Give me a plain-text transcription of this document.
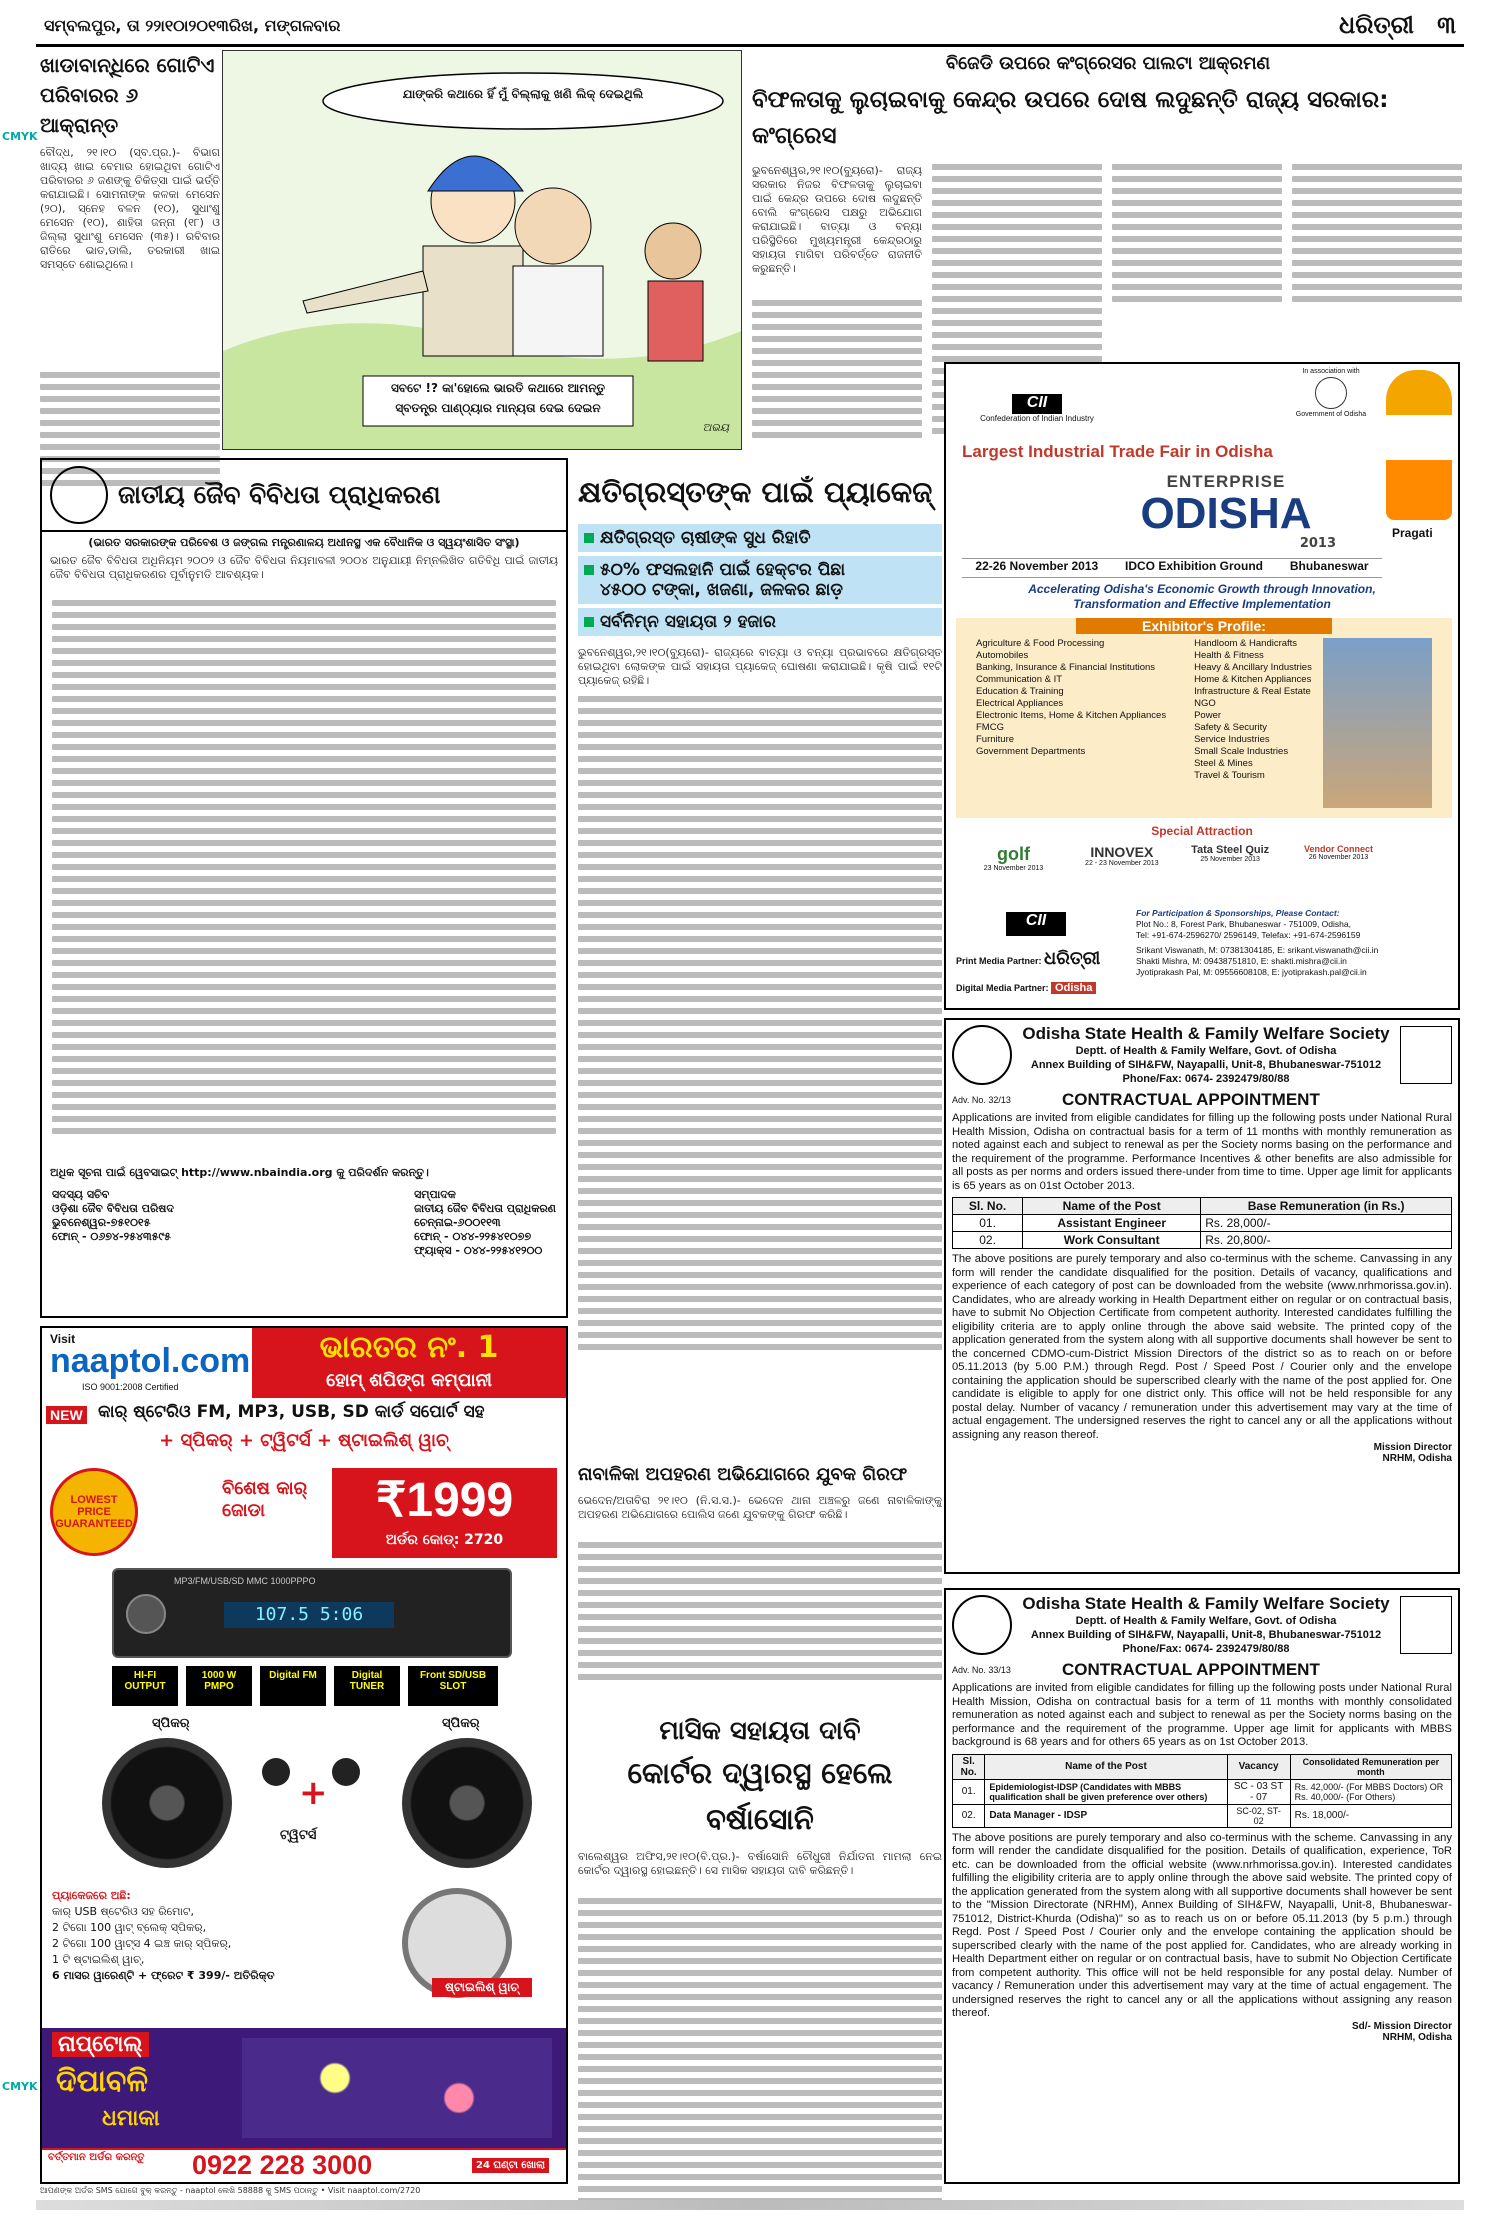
ସମ୍ବଲପୁର, ତା ୨୨ା୧୦ା୨୦୧୩ରିଖ, ମଙ୍ଗଳବାର	ଧରିତ୍ରୀ ୩
CMYK
CMYK
ଖାଡାବାନ୍ଧିରେ ଗୋଟିଏ
ପରିବାରର ୬ ଆକ୍ରାନ୍ତ
ବୌଦ୍ଧ, ୨୧।୧୦ (ସ୍ବ.ପ୍ର.)- ବିଭାଗ ଖାଦ୍ୟ ଖାଇ ବେମାର ହୋଇଥିବା ଗୋଟିଏ ପରିବାରର ୬ ଜଣଙ୍କୁ ଚିକିତ୍ସା ପାଇଁ ଭର୍ତ୍ତି କରାଯାଇଛି। ସୋମନାଙ୍କ କଳକା ମେସେନ (୨୦), ସ୍ନେହ ବଳନ (୧୦), ସୁଧାଂଶୁ ମେସେନ (୧୦), ଶାହିତା ଜନ୍ନା (୧୮) ଓ ଜିଲ୍ଲା ସୁଧାଂଶୁ ମେସେନ (୩୫)। ରବିବାର ରାତିରେ ଭାତ,ଡାଲି, ତରକାରୀ ଖାଇ ସମସ୍ତେ ଶୋଇଥିଲେ।
ଯାଙ୍କରି କଥାରେ ହିଁ ମୁଁ ବିଲ୍ଲାକୁ ଖଣି ଲିକ୍ ଦେଇଥିଲି
ସବଟେ !? କା'ହୋଲେ ଭାରତି କଥାରେ ଆମନ୍ତୁ
ସ୍ବତନ୍ତ୍ର ପାଣ୍ଠ୍ୟାର ମାନ୍ୟତା ଦେଇ ଦେଇନ
ଅଭୟ
ବିଜେଡି ଉପରେ କଂଗ୍ରେସର ପାଲଟା ଆକ୍ରମଣ
ବିଫଳତାକୁ ଲୁଚାଇବାକୁ କେନ୍ଦ୍ର ଉପରେ ଦୋଷ ଲଦୁଛନ୍ତି ରାଜ୍ୟ ସରକାର: କଂଗ୍ରେସ
ଭୁବନେଶ୍ୱର,୨୧।୧୦(ବ୍ୟୁରୋ)- ରାଜ୍ୟ ସରକାର ନିଜର ବିଫଳତାକୁ ଲୁଚାଇବା ପାଇଁ କେନ୍ଦ୍ର ଉପରେ ଦୋଷ ଲଦୁଛନ୍ତି ବୋଲି କଂଗ୍ରେସ ପକ୍ଷରୁ ଅଭିଯୋଗ କରାଯାଇଛି। ବାତ୍ୟା ଓ ବନ୍ୟା ପରିସ୍ଥିତିରେ ମୁଖ୍ୟମନ୍ତ୍ରୀ କେନ୍ଦ୍ରଠାରୁ ସହାୟତା ମାଗିବା ପରିବର୍ତ୍ତେ ରାଜନୀତି କରୁଛନ୍ତି।
ଜାତୀୟ ଜୈବ ବିବିଧତା ପ୍ରାଧିକରଣ
(ଭାରତ ସରକାରଙ୍କ ପରିବେଶ ଓ ଜଙ୍ଗଲ ମନ୍ତ୍ରଣାଳୟ ଅଧୀନସ୍ଥ ଏକ ବୈଧାନିକ ଓ ସ୍ୱୟଂଶାସିତ ସଂସ୍ଥା)
ଭାରତ ଜୈବ ବିବିଧତା ଅଧିନିୟମ ୨୦୦୨ ଓ ଜୈବ ବିବିଧତା ନିୟମାବଳୀ ୨୦୦୪ ଅନୁଯାୟୀ ନିମ୍ନଲିଖିତ ଗତିବିଧି ପାଇଁ ଜାତୀୟ ଜୈବ ବିବିଧତା ପ୍ରାଧିକରଣର ପୂର୍ବାନୁମତି ଆବଶ୍ୟକ।
ଅଧିକ ସୂଚନା ପାଇଁ ୱେବସାଇଟ୍ http://www.nbaindia.org କୁ ପରିଦର୍ଶନ କରନ୍ତୁ।
ସଦସ୍ୟ ସଚିବ
ଓଡ଼ିଶା ଜୈବ ବିବିଧତା ପରିଷଦ
ଭୁବନେଶ୍ୱର-୭୫୧୦୧୫
ଫୋନ୍ - ୦୬୭୪-୨୫୪୩୫୯୫
ସମ୍ପାଦକ
ଜାତୀୟ ଜୈବ ବିବିଧତା ପ୍ରାଧିକରଣ
ଚେନ୍ନାଇ-୬୦୦୧୧୩
ଫୋନ୍ - ୦୪୪-୨୨୫୪୧୦୭୭
ଫ୍ୟାକ୍ସ - ୦୪୪-୨୨୫୪୧୨୦୦
କ୍ଷତିଗ୍ରସ୍ତଙ୍କ ପାଇଁ ପ୍ୟାକେଜ୍
କ୍ଷତିଗ୍ରସ୍ତ ଚାଷୀଙ୍କ ସୁଧ ରିହାତି
୫୦% ଫସଲହାନି ପାଇଁ ହେକ୍ଟର ପିଛା
୪୫୦୦ ଟଙ୍କା, ଖଜଣା, ଜଳକର ଛାଡ଼
ସର୍ବନିମ୍ନ ସହାୟତା ୨ ହଜାର
ଭୁବନେଶ୍ୱର,୨୧।୧୦(ବ୍ୟୁରୋ)- ରାଜ୍ୟରେ ବାତ୍ୟା ଓ ବନ୍ୟା ପ୍ରଭାବରେ କ୍ଷତିଗ୍ରସ୍ତ ହୋଇଥିବା ଲୋକଙ୍କ ପାଇଁ ସହାୟତା ପ୍ୟାକେଜ୍ ଘୋଷଣା କରାଯାଇଛି। କୃଷି ପାଇଁ ୧୧ଟି ପ୍ୟାକେଜ୍ ରହିଛି।
ନାବାଳିକା ଅପହରଣ ଅଭିଯୋଗରେ ଯୁବକ ଗିରଫ
ଭେଦେନ/ଅତାବିରା ୨୧।୧୦ (ନି.ସ.ସ.)- ଭେଦେନ ଥାନା ଅଞ୍ଚଳରୁ ଜଣେ ନାବାଳିକାଙ୍କୁ ଅପହରଣ ଅଭିଯୋଗରେ ପୋଲିସ ଜଣେ ଯୁବକଙ୍କୁ ଗିରଫ କରିଛି।
ମାସିକ ସହାୟତା ଦାବି
କୋର୍ଟର ଦ୍ୱାରସ୍ଥ ହେଲେ ବର୍ଷାସୋନି
ବାଲେଶ୍ୱର ଅଫିସ,୨୧।୧୦(ବି.ପ୍ର.)- ବର୍ଷାସୋନି ଚୌଧୁରୀ ନିର୍ଯାତନା ମାମଲା ନେଇ କୋର୍ଟର ଦ୍ୱାରସ୍ଥ ହୋଇଛନ୍ତି। ସେ ମାସିକ ସହାୟତା ଦାବି କରିଛନ୍ତି।
Visit
naaptol.com
ISO 9001:2008 Certified
ଭାରତର ନଂ. 1
ହୋମ୍ ଶପିଙ୍ଗ କମ୍ପାନୀ
NEW କାର୍ ଷ୍ଟେରିଓ FM, MP3, USB, SD କାର୍ଡ ସପୋର୍ଟ ସହ
+ ସ୍ପିକର୍ + ଟ୍ୱିଟର୍ସ + ଷ୍ଟାଇଲିଶ୍ ୱାଚ୍
LOWEST PRICE GUARANTEED
ବିଶେଷ କାର୍ ଜୋଡା	₹1999
ଅର୍ଡର କୋଡ୍: 2720
MP3/FM/USB/SD MMC 1000PPPO
107.5 5:06
HI-FI OUTPUT
1000 W PMPO
Digital FM	Digital TUNER
Front SD/USB SLOT
ସ୍ପିକର୍	ସ୍ପିକର୍
+
ଟ୍ୱିଟର୍ସ
ପ୍ୟାକେଜରେ ଅଛି:
କାର୍ USB ଷ୍ଟେରିଓ ସହ ରିମୋଟ,
2 ଟିଗୋ 100 ୱାଟ୍ ବ୍ଲେକ୍ ସ୍ପିକର୍,
2 ଟିଗୋ 100 ୱାଟ୍ସ 4 ଇଞ୍ଚ କାର୍ ସ୍ପିକର୍,
1 ଟି ଷ୍ଟାଇଲିଶ୍ ୱାଚ୍,
6 ମାସର ୱାରେଣ୍ଟି + ଫ୍ରେଟ ₹ 399/- ଅତିରିକ୍ତ
ଷ୍ଟାଇଲିଶ୍ ୱାଚ୍
ନାପ୍ଟୋଲ୍
ଦିପାବଳି
ଧମାକା
ବର୍ତ୍ତମାନ ଅର୍ଡର କରନ୍ତୁ	0922 228 3000	24 ଘଣ୍ଟା ଖୋଲା
ଆପଣଙ୍କ ଅର୍ଡର SMS ଯୋଗେ ବୁକ୍ କରନ୍ତୁ - naaptol ଲେଖି 58888 କୁ SMS ପଠାନ୍ତୁ • Visit naaptol.com/2720
CII
Confederation of Indian Industry
In association with
Government of Odisha
Pragati
Largest Industrial Trade Fair in Odisha
ENTERPRISE
ODISHA
2013
22-26 November 2013 IDCO Exhibition Ground Bhubaneswar
Accelerating Odisha's Economic Growth through Innovation,
Transformation and Effective Implementation
Exhibitor's Profile:
Agriculture & Food Processing
Automobiles
Banking, Insurance & Financial Institutions
Communication & IT
Education & Training
Electrical Appliances
Electronic Items, Home & Kitchen Appliances
FMCG
Furniture
Government Departments
Handloom & Handicrafts
Health & Fitness
Heavy & Ancillary Industries
Home & Kitchen Appliances
Infrastructure & Real Estate
NGO
Power
Safety & Security
Service Industries
Small Scale Industries
Steel & Mines
Travel & Tourism
Special Attraction
golf
23 November 2013
INNOVEX
22 - 23 November 2013
Tata Steel Quiz
25 November 2013
Vendor Connect
26 November 2013
CII	For Participation & Sponsorships, Please Contact:
Plot No.: 8, Forest Park, Bhubaneswar - 751009, Odisha,
Tel: +91-674-2596270/ 2596149, Telefax: +91-674-2596159
Srikant Viswanath, M: 07381304185, E: srikant.viswanath@cii.in
Shakti Mishra, M: 09438751810, E: shakti.mishra@cii.in
Jyotiprakash Pal, M: 09556608108, E: jyotiprakash.pal@cii.in
Print Media Partner: ଧରିତ୍ରୀ
Digital Media Partner: Odisha
Odisha State Health & Family Welfare Society
Deptt. of Health & Family Welfare, Govt. of Odisha
Annex Building of SIH&FW, Nayapalli, Unit-8, Bhubaneswar-751012
Phone/Fax: 0674- 2392479/80/88
Adv. No. 32/13	CONTRACTUAL APPOINTMENT
Applications are invited from eligible candidates for filling up the following posts under National Rural Health Mission, Odisha on contractual basis for a term of 11 months with monthly remuneration as noted against each and subject to renewal as per the Society norms basing on the performance and the requirement of the programme. Performance Incentives & other benefits are also admissible for all posts as per norms and orders issued there-under from time to time. Upper age limit for applicants is 65 years as on 01st October 2013.
Sl. No.	Name of the Post	Base Remuneration (in Rs.)
01.	Assistant Engineer	Rs. 28,000/-
02.	Work Consultant	Rs. 20,800/-
The above positions are purely temporary and also co-terminus with the scheme. Canvassing in any form will render the candidate disqualified for the position. Details of vacancy, qualifications and experience of each category of post can be downloaded from the website (www.nrhmorissa.gov.in). Candidates, who are already working in Health Department either on regular or on contractual basis, have to submit No Objection Certificate from competent authority. Interested candidates fulfilling the eligibility criteria are to apply online through the above said website. The printed copy of the application generated from the system along with all supportive documents shall however be sent to the concerned CDMO-cum-District Mission Directors of the district so as to reach on or before 05.11.2013 (by 5.00 P.M.) through Regd. Post / Speed Post / Courier only and the envelope containing the application should be superscribed clearly with the name of the post applied for. One candidate is eligible to apply for one district only. This office will not be held responsible for any postal delay. Number of vacancy / remuneration under this advertisement may vary at the time of actual engagement. The undersigned reserves the right to cancel any or all the applications without assigning any reason thereof.
Mission Director
NRHM, Odisha
Odisha State Health & Family Welfare Society
Deptt. of Health & Family Welfare, Govt. of Odisha
Annex Building of SIH&FW, Nayapalli, Unit-8, Bhubaneswar-751012
Phone/Fax: 0674- 2392479/80/88
Adv. No. 33/13	CONTRACTUAL APPOINTMENT
Applications are invited from eligible candidates for filling up the following posts under National Rural Health Mission, Odisha on contractual basis for a term of 11 months with monthly consolidated remuneration as noted against each and subject to renewal as per the Society norms basing on the performance and the requirement of the programme. Upper age limit for applicants with MBBS background is 68 years and for others 65 years as on 1st October 2013.
Sl. No.	Name of the Post	Vacancy	Consolidated Remuneration per month
01.	Epidemiologist-IDSP (Candidates with MBBS qualification shall be given preference over others)	SC - 03 ST - 07	Rs. 42,000/- (For MBBS Doctors) OR Rs. 40,000/- (For Others)
02.	Data Manager - IDSP	SC-02, ST-02	Rs. 18,000/-
The above positions are purely temporary and also co-terminus with the scheme. Canvassing in any form will render the candidate disqualified for the position. Details of qualification, experience, ToR etc. can be downloaded from the official website (www.nrhmorissa.gov.in). Interested candidates fulfilling the eligibility criteria are to apply online through the above said website. The printed copy of the application generated from the system along with all supportive documents shall however be sent to the "Mission Directorate (NRHM), Annex Building of SIH&FW, Nayapalli, Unit-8, Bhubaneswar-751012, District-Khurda (Odisha)" so as to reach us on or before 05.11.2013 (by 5 p.m.) through Regd. Post / Speed Post / Courier only and the envelope containing the application should be superscribed clearly with the name of the post applied for. Candidates, who are already working in Health Department either on regular or on contractual basis, have to submit No Objection Certificate from competent authority. This office will not be held responsible for any postal delay. Number of vacancy / Remuneration under this advertisement may vary at the time of actual engagement. The undersigned reserves the right to cancel any or all the applications without assigning any reason thereof.
Sd/- Mission Director
NRHM, Odisha
